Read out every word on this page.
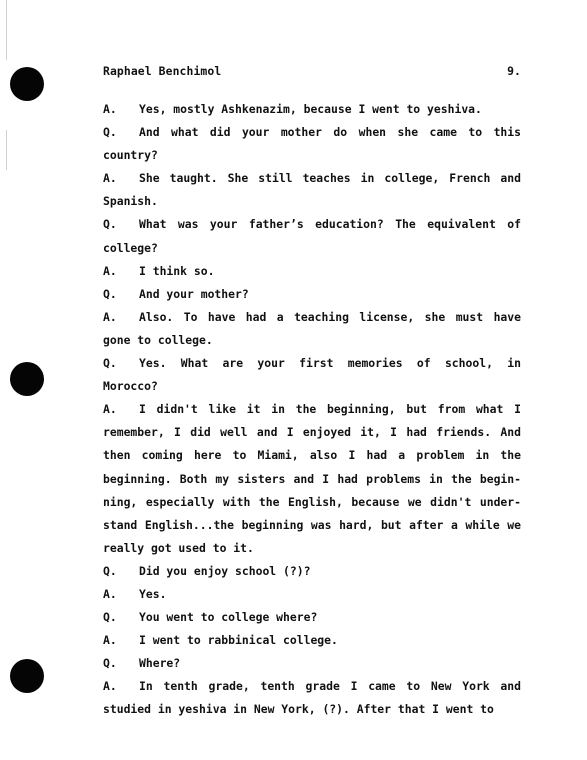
Raphael Benchimol	9.

A. Yes, mostly Ashkenazim, because I went to yeshiva.

Q. And what did your mother do when she came to this country?

A. She taught. She still teaches in college, French and Spanish.

Q. What was your father’s education? The equivalent of college?

A. I think so.

Q. And your mother?

A. Also. To have had a teaching license, she must have gone to college.

Q. Yes. What are your first memories of school, in Morocco?

A. I didn't like it in the beginning, but from what I remember, I did well and I enjoyed it, I had friends. And then coming here to Miami, also I had a problem in the beginning. Both my sisters and I had problems in the begin-ning, especially with the English, because we didn't under-stand English...the beginning was hard, but after a while we really got used to it.

Q. Did you enjoy school (?)?

A. Yes.

Q. You went to college where?

A. I went to rabbinical college.

Q. Where?

A. In tenth grade, tenth grade I came to New York and studied in yeshiva in New York, (?). After that I went to
